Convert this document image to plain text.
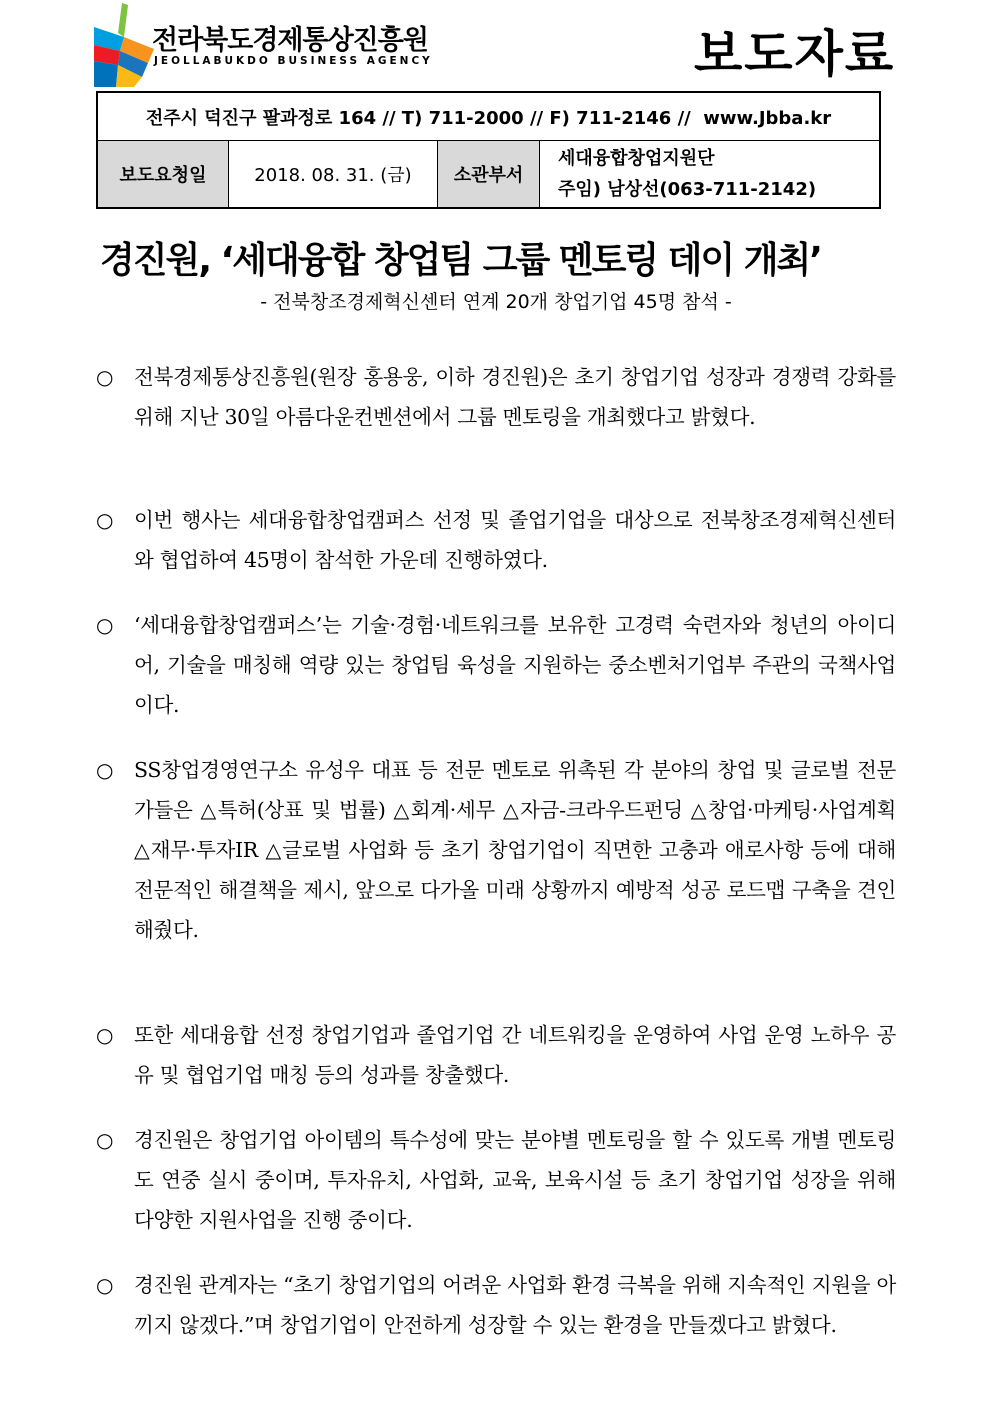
전라북도경제통상진흥원
JEOLLABUKDO BUSINESS AGENCY	보도자료
전주시 덕진구 팔과정로 164 // T) 711-2000 // F) 711-2146 //  www.Jbba.kr
보도요청일	2018. 08. 31. (금)	소관부서
세대융합창업지원단
주임) 남상선(063-711-2142)
경진원, ‘세대융합 창업팀 그룹 멘토링 데이 개최’
- 전북창조경제혁신센터 연계 20개 창업기업 45명 참석 -
○ 전북경제통상진흥원(원장 홍용웅, 이하 경진원)은 초기 창업기업 성장과 경쟁력 강화를 위해 지난 30일 아름다운컨벤션에서 그룹 멘토링을 개최했다고 밝혔다.
○ 이번 행사는 세대융합창업캠퍼스 선정 및 졸업기업을 대상으로 전북창조경제혁신센터와 협업하여 45명이 참석한 가운데 진행하였다.
○ ‘세대융합창업캠퍼스’는 기술·경험·네트워크를 보유한 고경력 숙련자와 청년의 아이디어, 기술을 매칭해 역량 있는 창업팀 육성을 지원하는 중소벤처기업부 주관의 국책사업이다.
○ SS창업경영연구소 유성우 대표 등 전문 멘토로 위촉된 각 분야의 창업 및 글로벌 전문가들은 △특허(상표 및 법률) △회계·세무 △자금-크라우드펀딩 △창업·마케팅·사업계획 △재무·투자IR △글로벌 사업화 등 초기 창업기업이 직면한 고충과 애로사항 등에 대해 전문적인 해결책을 제시, 앞으로 다가올 미래 상황까지 예방적 성공 로드맵 구축을 견인해줬다.
○ 또한 세대융합 선정 창업기업과 졸업기업 간 네트워킹을 운영하여 사업 운영 노하우 공유 및 협업기업 매칭 등의 성과를 창출했다.
○ 경진원은 창업기업 아이템의 특수성에 맞는 분야별 멘토링을 할 수 있도록 개별 멘토링도 연중 실시 중이며, 투자유치, 사업화, 교육, 보육시설 등 초기 창업기업 성장을 위해 다양한 지원사업을 진행 중이다.
○ 경진원 관계자는 “초기 창업기업의 어려운 사업화 환경 극복을 위해 지속적인 지원을 아끼지 않겠다.”며 창업기업이 안전하게 성장할 수 있는 환경을 만들겠다고 밝혔다.
